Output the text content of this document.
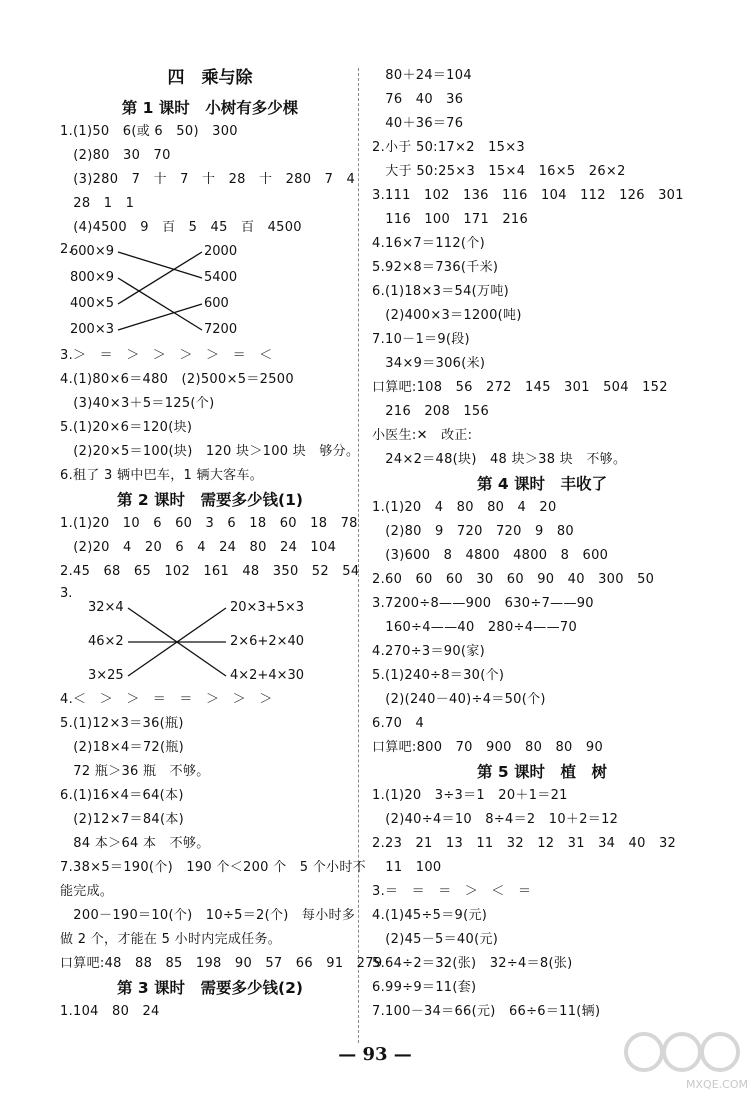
四　乘与除
第 1 课时　小树有多少棵
1.(1)50　6(或 6　50)　300
　(2)80　30　70
　(3)280　7　十　7　十　28　十　280　7　4
　28　1　1
　(4)4500　9　百　5　45　百　4500
2.
600×9
800×9
400×5
200×3
2000
5400
600
7200
3.＞　＝　＞　＞　＞　＞　＝　＜
4.(1)80×6＝480　(2)500×5＝2500
　(3)40×3＋5＝125(个)
5.(1)20×6＝120(块)
　(2)20×5＝100(块)　120 块＞100 块　够分。
6.租了 3 辆中巴车，1 辆大客车。
第 2 课时　需要多少钱(1)
1.(1)20　10　6　60　3　6　18　60　18　78
　(2)20　4　20　6　4　24　80　24　104
2.45　68　65　102　161　48　350　52　54
3.
32×4
46×2
3×25
20×3+5×3
2×6+2×40
4×2+4×30
4.＜　＞　＞　＝　＝　＞　＞　＞
5.(1)12×3＝36(瓶)
　(2)18×4＝72(瓶)
　72 瓶＞36 瓶　不够。
6.(1)16×4＝64(本)
　(2)12×7＝84(本)
　84 本＞64 本　不够。
7.38×5＝190(个)　190 个＜200 个　5 个小时不
能完成。
　200－190＝10(个)　10÷5＝2(个)　每小时多
做 2 个，才能在 5 小时内完成任务。
口算吧:48　88　85　198　90　57　66　91　279
第 3 课时　需要多少钱(2)
1.104　80　24
　80＋24＝104
　76　40　36
　40＋36＝76
2.小于 50:17×2　15×3
　大于 50:25×3　15×4　16×5　26×2
3.111　102　136　116　104　112　126　301
　116　100　171　216
4.16×7＝112(个)
5.92×8＝736(千米)
6.(1)18×3＝54(万吨)
　(2)400×3＝1200(吨)
7.10－1＝9(段)
　34×9＝306(米)
口算吧:108　56　272　145　301　504　152
　216　208　156
小医生:✕　改正:
　24×2＝48(块)　48 块＞38 块　不够。
第 4 课时　丰收了
1.(1)20　4　80　80　4　20
　(2)80　9　720　720　9　80
　(3)600　8　4800　4800　8　600
2.60　60　60　30　60　90　40　300　50
3.7200÷8——900　630÷7——90
　160÷4——40　280÷4——70
4.270÷3＝90(家)
5.(1)240÷8＝30(个)
　(2)(240－40)÷4＝50(个)
6.70　4
口算吧:800　70　900　80　80　90
第 5 课时　植　树
1.(1)20　3÷3＝1　20＋1＝21
　(2)40÷4＝10　8÷4＝2　10＋2＝12
2.23　21　13　11　32　12　31　34　40　32
　11　100
3.＝　＝　＝　＞　＜　＝
4.(1)45÷5＝9(元)
　(2)45－5＝40(元)
5.64÷2＝32(张)　32÷4＝8(张)
6.99÷9＝11(套)
7.100－34＝66(元)　66÷6＝11(辆)
— 93 —
MXQE.COM
